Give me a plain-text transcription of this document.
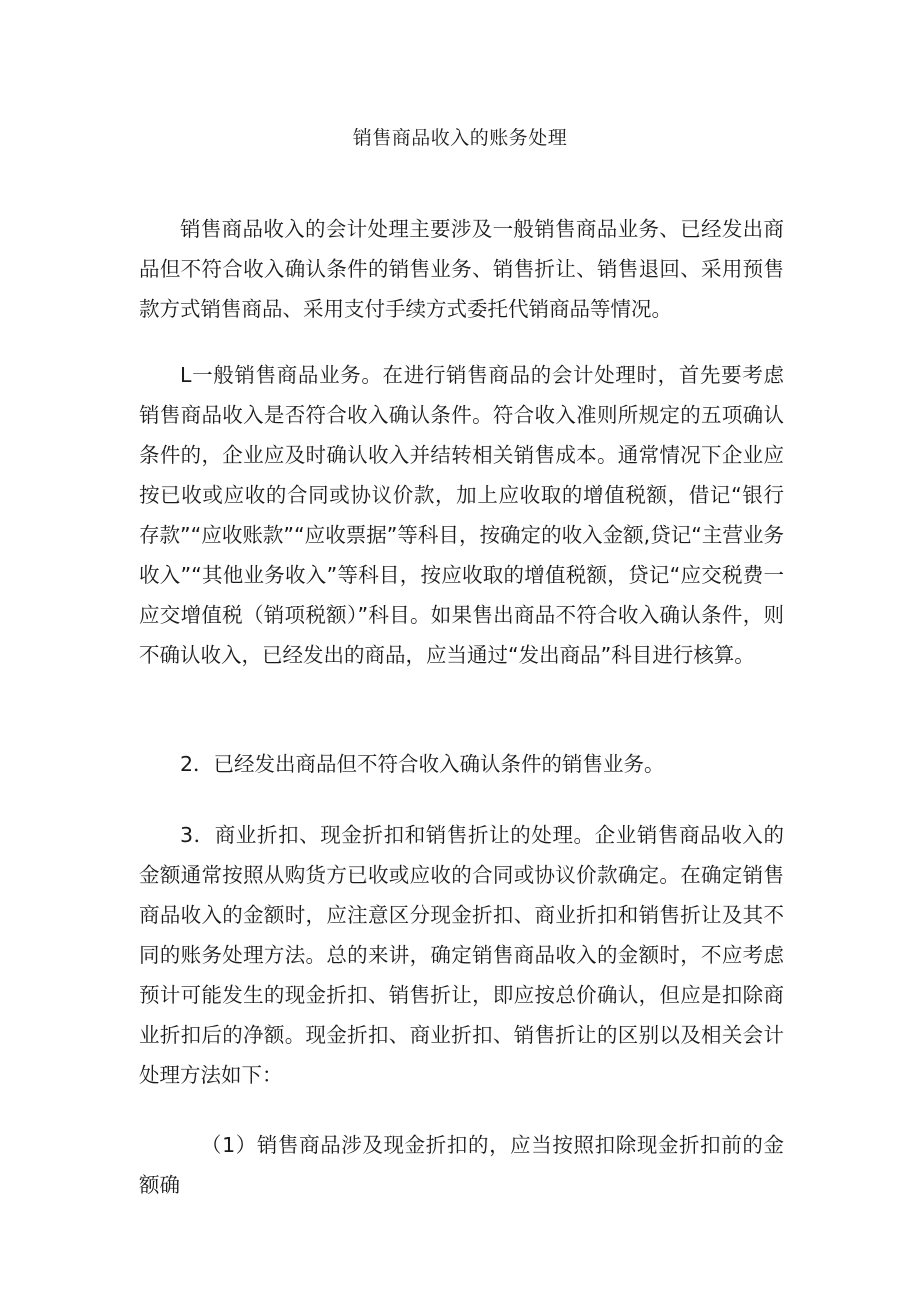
销售商品收入的账务处理

销售商品收入的会计处理主要涉及一般销售商品业务、已经发出商品但不符合收入确认条件的销售业务、销售折让、销售退回、采用预售款方式销售商品、采用支付手续方式委托代销商品等情况。

L一般销售商品业务。在进行销售商品的会计处理时，首先要考虑销售商品收入是否符合收入确认条件。符合收入准则所规定的五项确认条件的，企业应及时确认收入并结转相关销售成本。通常情况下企业应按已收或应收的合同或协议价款，加上应收取的增值税额，借记“银行存款”“应收账款”“应收票据”等科目，按确定的收入金额,贷记“主营业务收入”“其他业务收入”等科目，按应收取的增值税额，贷记“应交税费一应交增值税（销项税额）”科目。如果售出商品不符合收入确认条件，则不确认收入，已经发出的商品，应当通过“发出商品”科目进行核算。

2．已经发出商品但不符合收入确认条件的销售业务。

3．商业折扣、现金折扣和销售折让的处理。企业销售商品收入的金额通常按照从购货方已收或应收的合同或协议价款确定。在确定销售商品收入的金额时，应注意区分现金折扣、商业折扣和销售折让及其不同的账务处理方法。总的来讲，确定销售商品收入的金额时，不应考虑预计可能发生的现金折扣、销售折让，即应按总价确认，但应是扣除商业折扣后的净额。现金折扣、商业折扣、销售折让的区别以及相关会计处理方法如下：

（1）销售商品涉及现金折扣的，应当按照扣除现金折扣前的金额确
